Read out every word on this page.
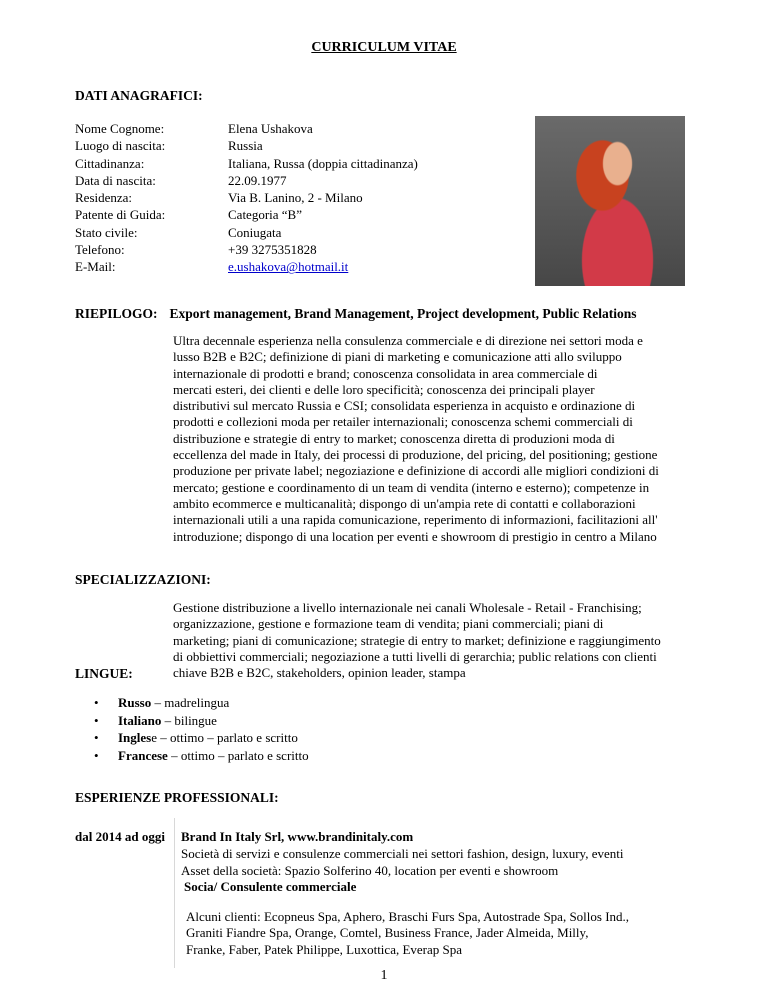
CURRICULUM VITAE
DATI ANAGRAFICI:
Nome Cognome:
Luogo di nascita:
Cittadinanza:
Data di nascita:
Residenza:
Patente di Guida:
Stato civile:
Telefono:
E-Mail:
Elena Ushakova
Russia
Italiana, Russa (doppia cittadinanza)
22.09.1977
Via B. Lanino, 2 - Milano
Categoria “B”
Coniugata
+39 3275351828
e.ushakova@hotmail.it
RIEPILOGO: Export management, Brand Management, Project development, Public Relations
Ultra decennale esperienza nella consulenza commerciale e di direzione nei settori moda e
lusso B2B e B2C; definizione di piani di marketing e comunicazione atti allo sviluppo
internazionale di prodotti e brand; conoscenza consolidata in area commerciale di
mercati esteri, dei clienti e delle loro specificità; conoscenza dei principali player
distributivi sul mercato Russia e CSI; consolidata esperienza in acquisto e ordinazione di
prodotti e collezioni moda per retailer internazionali; conoscenza schemi commerciali di
distribuzione e strategie di entry to market; conoscenza diretta di produzioni moda di
eccellenza del made in Italy, dei processi di produzione, del pricing, del positioning; gestione
produzione per private label; negoziazione e definizione di accordi alle migliori condizioni di
mercato; gestione e coordinamento di un team di vendita (interno e esterno); competenze in
ambito ecommerce e multicanalità; dispongo di un'ampia rete di contatti e collaborazioni
internazionali utili a una rapida comunicazione, reperimento di informazioni, facilitazioni all'
introduzione; dispongo di una location per eventi e showroom di prestigio in centro a Milano
SPECIALIZZAZIONI:
Gestione distribuzione a livello internazionale nei canali Wholesale - Retail - Franchising;
organizzazione, gestione e formazione team di vendita; piani commerciali; piani di
marketing; piani di comunicazione; strategie di entry to market; definizione e raggiungimento
di obbiettivi commerciali; negoziazione a tutti livelli di gerarchia; public relations con clienti
chiave B2B e B2C, stakeholders, opinion leader, stampa
LINGUE:
• Russo – madrelingua
• Italiano – bilingue
• Inglese – ottimo – parlato e scritto
• Francese – ottimo – parlato e scritto
ESPERIENZE PROFESSIONALI:
dal 2014 ad oggi Brand In Italy Srl, www.brandinitaly.com
Società di servizi e consulenze commerciali nei settori fashion, design, luxury, eventi
Asset della società: Spazio Solferino 40, location per eventi e showroom
Socia/ Consulente commerciale
Alcuni clienti: Ecopneus Spa, Aphero, Braschi Furs Spa, Autostrade Spa, Sollos Ind.,
Graniti Fiandre Spa, Orange, Comtel, Business France, Jader Almeida, Milly,
Franke, Faber, Patek Philippe, Luxottica, Everap Spa
1
